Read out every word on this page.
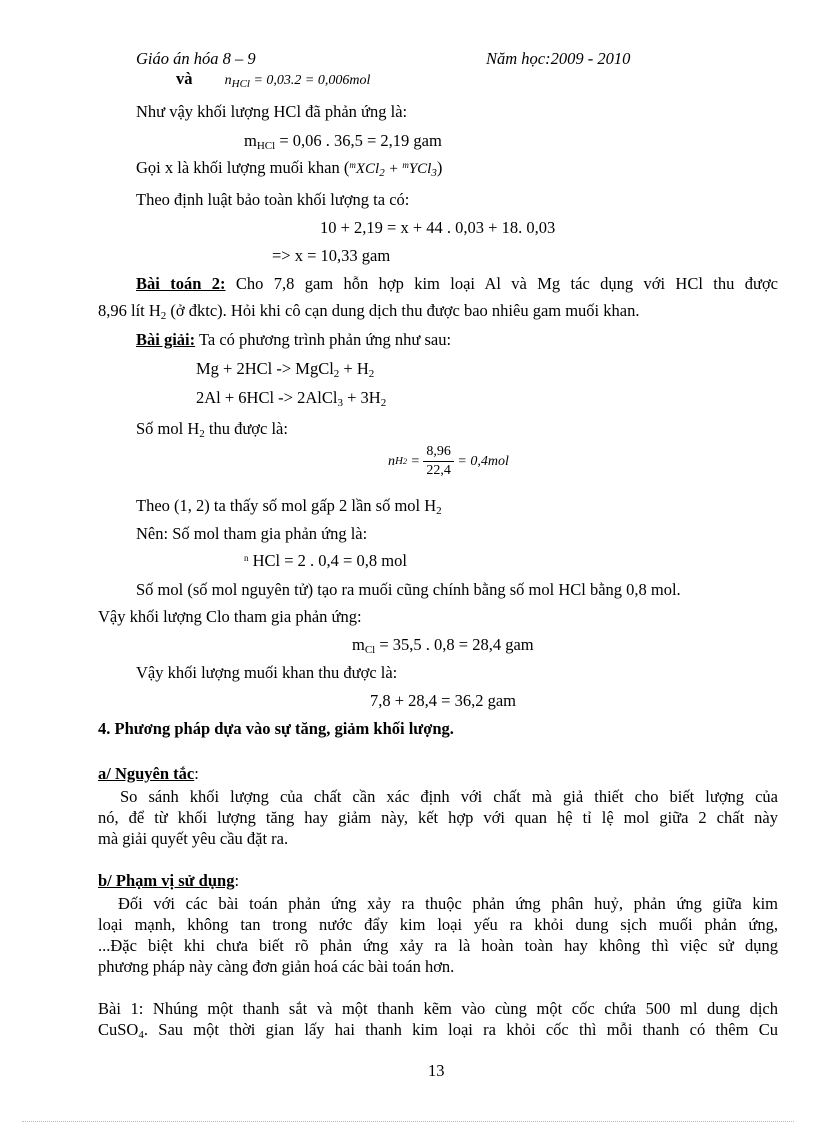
Giáo án hóa 8 – 9	Năm học:2009 - 2010
và $n_{HCl} = 0,03.2 = 0,006mol$
Như vậy khối lượng HCl đã phản ứng là:
$m_{HCl} = 0,06$ . 36,5 = 2,19 gam
Gọi x là khối lượng muối khan ($^m$XCl$_2$ + $^m$YCl$_3$)
Theo định luật bảo toàn khối lượng ta có:
10 + 2,19 = x + 44 . 0,03 + 18. 0,03
=> x = 10,33 gam
Bài toán 2: Cho 7,8 gam hỗn hợp kim loại Al và Mg tác dụng với HCl thu được
8,96 lít $H_2$ (ở đktc). Hỏi khi cô cạn dung dịch thu được bao nhiêu gam muối khan.
Bài giải: Ta có phương trình phản ứng như sau:
Mg + 2HCl -> MgCl$_2$ + $H_2$
2Al + 6HCl -> 2AlCl$_3$ + $3H_2$
Số mol $H_2$ thu được là:
n $H2 = \frac{8,96}{22,4} = 0,4mol$
Theo (1, 2) ta thấy số mol gấp 2 lần số mol $H_2$
Nên: Số mol tham gia phản ứng là:
$^n$ HCl = 2 . 0,4 = 0,8 mol
Số mol (số mol nguyên tử) tạo ra muối cũng chính bằng số mol HCl bằng 0,8 mol.
Vậy khối lượng Clo tham gia phản ứng:
$m_{Cl} = 35,5$ . 0,8 = 28,4 gam
Vậy khối lượng muối khan thu được là:
7,8 + 28,4 = 36,2 gam
4. Phương pháp dựa vào sự tăng, giảm khối lượng.
a/ Nguyên tắc:
So sánh khối lượng của chất cần xác định với chất mà giả thiết cho biết lượng của
nó, để từ khối lượng tăng hay giảm này, kết hợp với quan hệ tỉ lệ mol giữa 2 chất này
mà giải quyết yêu cầu đặt ra.
b/ Phạm vị sử dụng:
Đối với các bài toán phản ứng xảy ra thuộc phản ứng phân huỷ, phản ứng giữa kim
loại mạnh, không tan trong nước đẩy kim loại yếu ra khỏi dung sịch muối phản ứng,
...Đặc biệt khi chưa biết rõ phản ứng xảy ra là hoàn toàn hay không thì việc sử dụng
phương pháp này càng đơn giản hoá các bài toán hơn.
Bài 1: Nhúng một thanh sắt và một thanh kẽm vào cùng một cốc chứa 500 ml dung dịch
CuSO$_4$. Sau một thời gian lấy hai thanh kim loại ra khỏi cốc thì mỗi thanh có thêm Cu
13
